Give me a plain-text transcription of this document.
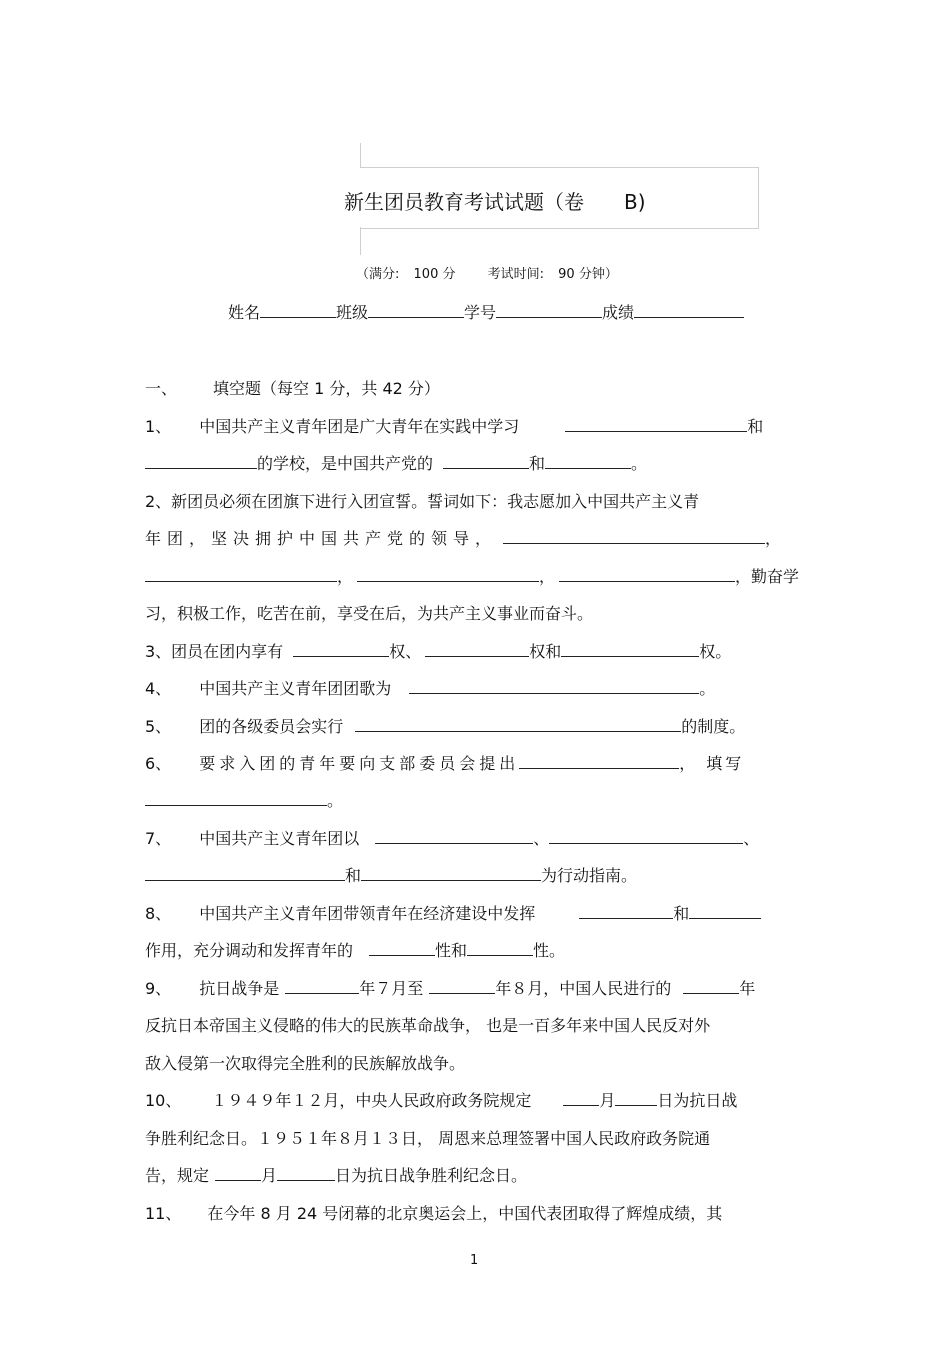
新生团员教育考试试题（卷 B)
（满分: 100 分 考试时间: 90 分钟）
姓名	班级	学号	成绩
一、 填空题（每空 1 分，共 42 分）
1、 中国共产主义青年团是广大青年在实践中学习	和
的学校，是中国共产党的	和	。
2、新团员必须在团旗下进行入团宣誓。誓词如下：我志愿加入中国共产主义青
年团，坚决拥护中国共产党的领导，	，
，	，	，勤奋学
习，积极工作，吃苦在前，享受在后，为共产主义事业而奋斗。
3、团员在团内享有	权、	权和	权。
4、 中国共产主义青年团团歌为	。
5、 团的各级委员会实行	的制度。
6、 要求入团的青年要向支部委员会提出	， 填写
。
7、 中国共产主义青年团以	、	、
和	为行动指南。
8、 中国共产主义青年团带领青年在经济建设中发挥	和
作用，充分调动和发挥青年的	性和	性。
9、 抗日战争是	年７月至	年８月，中国人民进行的	年
反抗日本帝国主义侵略的伟大的民族革命战争， 也是一百多年来中国人民反对外
敌入侵第一次取得完全胜利的民族解放战争。
10、 １９４９年１２月，中央人民政府政务院规定	月	日为抗日战
争胜利纪念日。１９５１年８月１３日， 周恩来总理签署中国人民政府政务院通
告，规定	月	日为抗日战争胜利纪念日。
11、 在今年 8 月 24 号闭幕的北京奥运会上，中国代表团取得了辉煌成绩，其
1
